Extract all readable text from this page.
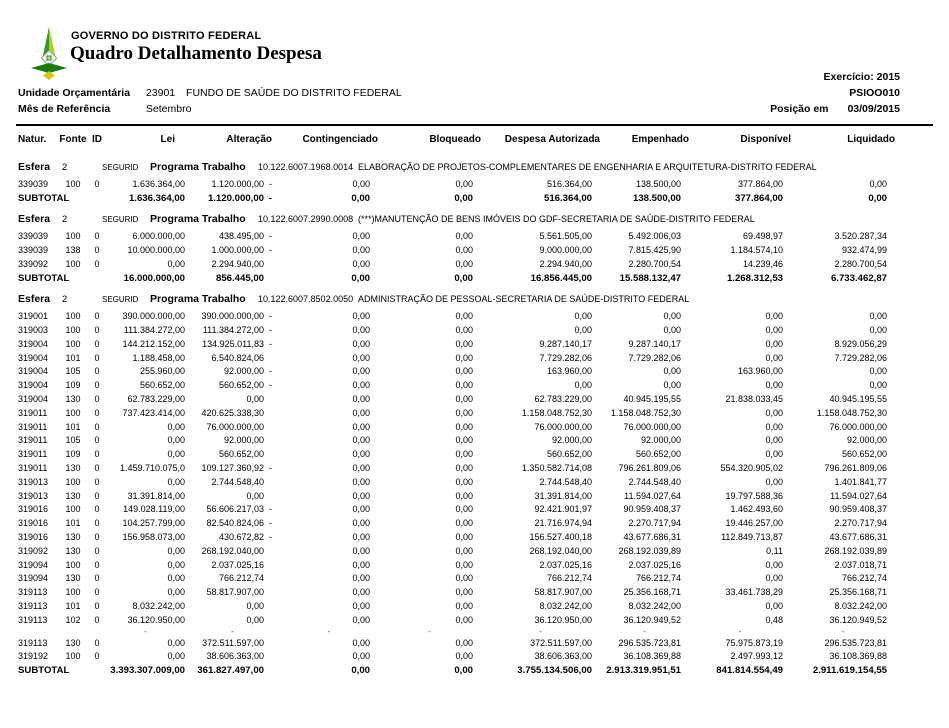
GOVERNO DO DISTRITO FEDERAL
Quadro Detalhamento Despesa
Exercício: 2015
PSIOO010
Posição em 03/09/2015
Unidade Orçamentária 23901 FUNDO DE SAÚDE DO DISTRITO FEDERAL
Mês de Referência	Setembro
Natur.	Fonte ID	Lei	Alteração	Contingenciado	Bloqueado	Despesa Autorizada	Empenhado	Disponível	Liquidado
Esfera	2	SEGURID	Programa Trabalho	10.122.6007.1968.0014 ELABORAÇÃO DE PROJETOS-COMPLEMENTARES DE ENGENHARIA E ARQUITETURA-DISTRITO FEDERAL
339039	100	0	1.636.364,00	1.120.000,00 -	0,00	0,00	516.364,00	138.500,00	377.864,00	0,00
SUBTOTAL	1.636.364,00 1.120.000,00 -	0,00	0,00	516.364,00	138.500,00	377.864,00	0,00
Esfera	2	SEGURID	Programa Trabalho	10.122.6007.2990.0008 (***)MANUTENÇÃO DE BENS IMÓVEIS DO GDF-SECRETARIA DE SAÚDE-DISTRITO FEDERAL
339039	100	0	6.000.000,00	438.495,00 -	0,00	0,00	5.561.505,00	5.492.006,03	69.498,97	3.520.287,34
339039	138	0	10.000.000,00	1.000.000,00 -	0,00	0,00	9.000.000,00	7.815.425,90	1.184.574,10	932.474,99
339092	100	0	0,00	2.294.940,00	0,00	0,00	2.294.940,00	2.280.700,54	14.239,46	2.280.700,54
SUBTOTAL	16.000.000,00	856.445,00	0,00	0,00	16.856.445,00	15.588.132,47	1.268.312,53	6.733.462,87
Esfera	2	SEGURID	Programa Trabalho	10.122.6007.8502.0050 ADMINISTRAÇÃO DE PESSOAL-SECRETARIA DE SAÚDE-DISTRITO FEDERAL
319001	100	0	390.000.000,00 390.000.000,00 -	0,00	0,00	0,00	0,00	0,00	0,00
319003	100	0	111.384.272,00 111.384.272,00 -	0,00	0,00	0,00	0,00	0,00	0,00
319004	100	0	144.212.152,00 134.925.011,83 -	0,00	0,00	9.287.140,17	9.287.140,17	0,00	8.929.056,29
319004	101	0	1.188.458,00	6.540.824,06	0,00	0,00	7.729.282,06	7.729.282,06	0,00	7.729.282,06
319004	105	0	255.960,00	92.000,00 -	0,00	0,00	163.960,00	0,00	163.960,00	0,00
319004	109	0	560.652,00	560.652,00 -	0,00	0,00	0,00	0,00	0,00	0,00
319004	130	0	62.783.229,00	0,00	0,00	0,00	62.783.229,00	40.945.195,55	21.838.033,45	40.945.195,55
319011	100	0	737.423.414,00 420.625.338,30	0,00	0,00	1.158.048.752,30 1.158.048.752,30	0,00	1.158.048.752,30
319011	101	0	0,00 76.000.000,00	0,00	0,00	76.000.000,00	76.000.000,00	0,00	76.000.000,00
319011	105	0	0,00	92.000,00	0,00	0,00	92.000,00	92.000,00	0,00	92.000,00
319011	109	0	0,00	560.652,00	0,00	0,00	560.652,00	560.652,00	0,00	560.652,00
319011	130	0	1.459.710.075,0 109.127.360,92 -	0,00	0,00	1.350.582.714,08	796.261.809,06	554.320.905,02	796.261.809,06
319013	100	0	0,00	2.744.548,40	0,00	0,00	2.744.548,40	2.744.548,40	0,00	1.401.841,77
319013	130	0	31.391.814,00	0,00	0,00	0,00	31.391.814,00	11.594.027,64	19.797.588,36	11.594.027,64
319016	100	0	149.028.119,00 56.606.217,03 -	0,00	0,00	92.421.901,97	90.959.408,37	1.462.493,60	90.959.408,37
319016	101	0	104.257.799,00 82.540.824,06 -	0,00	0,00	21.716.974,94	2.270.717,94	19.446.257,00	2.270.717,94
319016	130	0	156.958.073,00	430.672,82 -	0,00	0,00	156.527.400,18	43.677.686,31	112.849.713,87	43.677.686,31
319092	130	0	0,00 268.192.040,00	0,00	0,00	268.192.040,00	268.192.039,89	0,11	268.192.039,89
319094	100	0	0,00	2.037.025,16	0,00	0,00	2.037.025,16	2.037.025,16	0,00	2.037.018,71
319094	130	0	0,00	766.212,74	0,00	0,00	766.212,74	766.212,74	0,00	766.212,74
319113	100	0	0,00 58.817.907,00	0,00	0,00	58.817.907,00	25.356.168,71	33.461.738,29	25.356.168,71
319113	101	0	8.032.242,00	0,00	0,00	0,00	8.032.242,00	8.032.242,00	0,00	8.032.242,00
319113	102	0	36.120.950,00	0,00	0,00	0,00	36.120.950,00	36.120.949,52	0,48	36.120.949,52
-	-	-	-	-	-	-	-
319113	130	0	0,00 372.511.597,00	0,00	0,00	372.511.597,00	296.535.723,81	75.975.873,19	296.535.723,81
319192	100	0	0,00 38.606.363,00	0,00	0,00	38.606.363,00	36.108.369,88	2.497.993,12	36.108.369,88
SUBTOTAL	3.393.307.009,00 361.827.497,00	0,00	0,00	3.755.134.506,00 2.913.319.951,51	841.814.554,49	2.911.619.154,55
